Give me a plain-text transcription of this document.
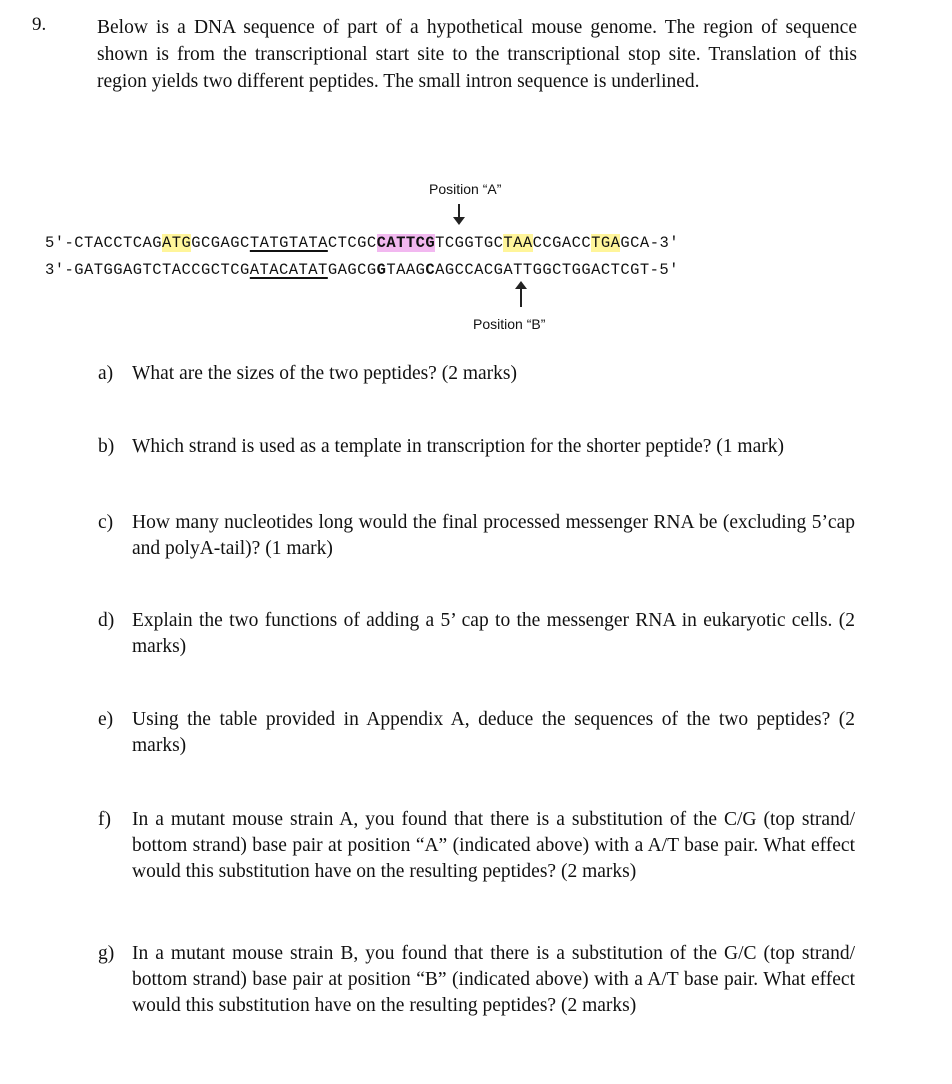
9.	Below is a DNA sequence of part of a hypothetical mouse genome. The region of sequence shown is from the transcriptional start site to the transcriptional stop site. Translation of this region yields two different peptides. The small intron sequence is underlined.
Position “A”
5'-CTACCTCAGATGGCGAGCTATGTATACTCGCCATTCGTCGGTGCTAACCGACCTGAGCA-3'
3'-GATGGAGTCTACCGCTCGATACATATGAGCGGTAAGCAGCCACGATTGGCTGGACTCGT-5'
Position “B”
a) What are the sizes of the two peptides? (2 marks)
b) Which strand is used as a template in transcription for the shorter peptide? (1 mark)
c) How many nucleotides long would the final processed messenger RNA be (excluding 5’cap and polyA-tail)? (1 mark)
d) Explain the two functions of adding a 5’ cap to the messenger RNA in eukaryotic cells. (2 marks)
e) Using the table provided in Appendix A, deduce the sequences of the two peptides? (2 marks)
f) In a mutant mouse strain A, you found that there is a substitution of the C/G (top strand/ bottom strand) base pair at position “A” (indicated above) with a A/T base pair. What effect would this substitution have on the resulting peptides? (2 marks)
g) In a mutant mouse strain B, you found that there is a substitution of the G/C (top strand/ bottom strand) base pair at position “B” (indicated above) with a A/T base pair. What effect would this substitution have on the resulting peptides? (2 marks)
